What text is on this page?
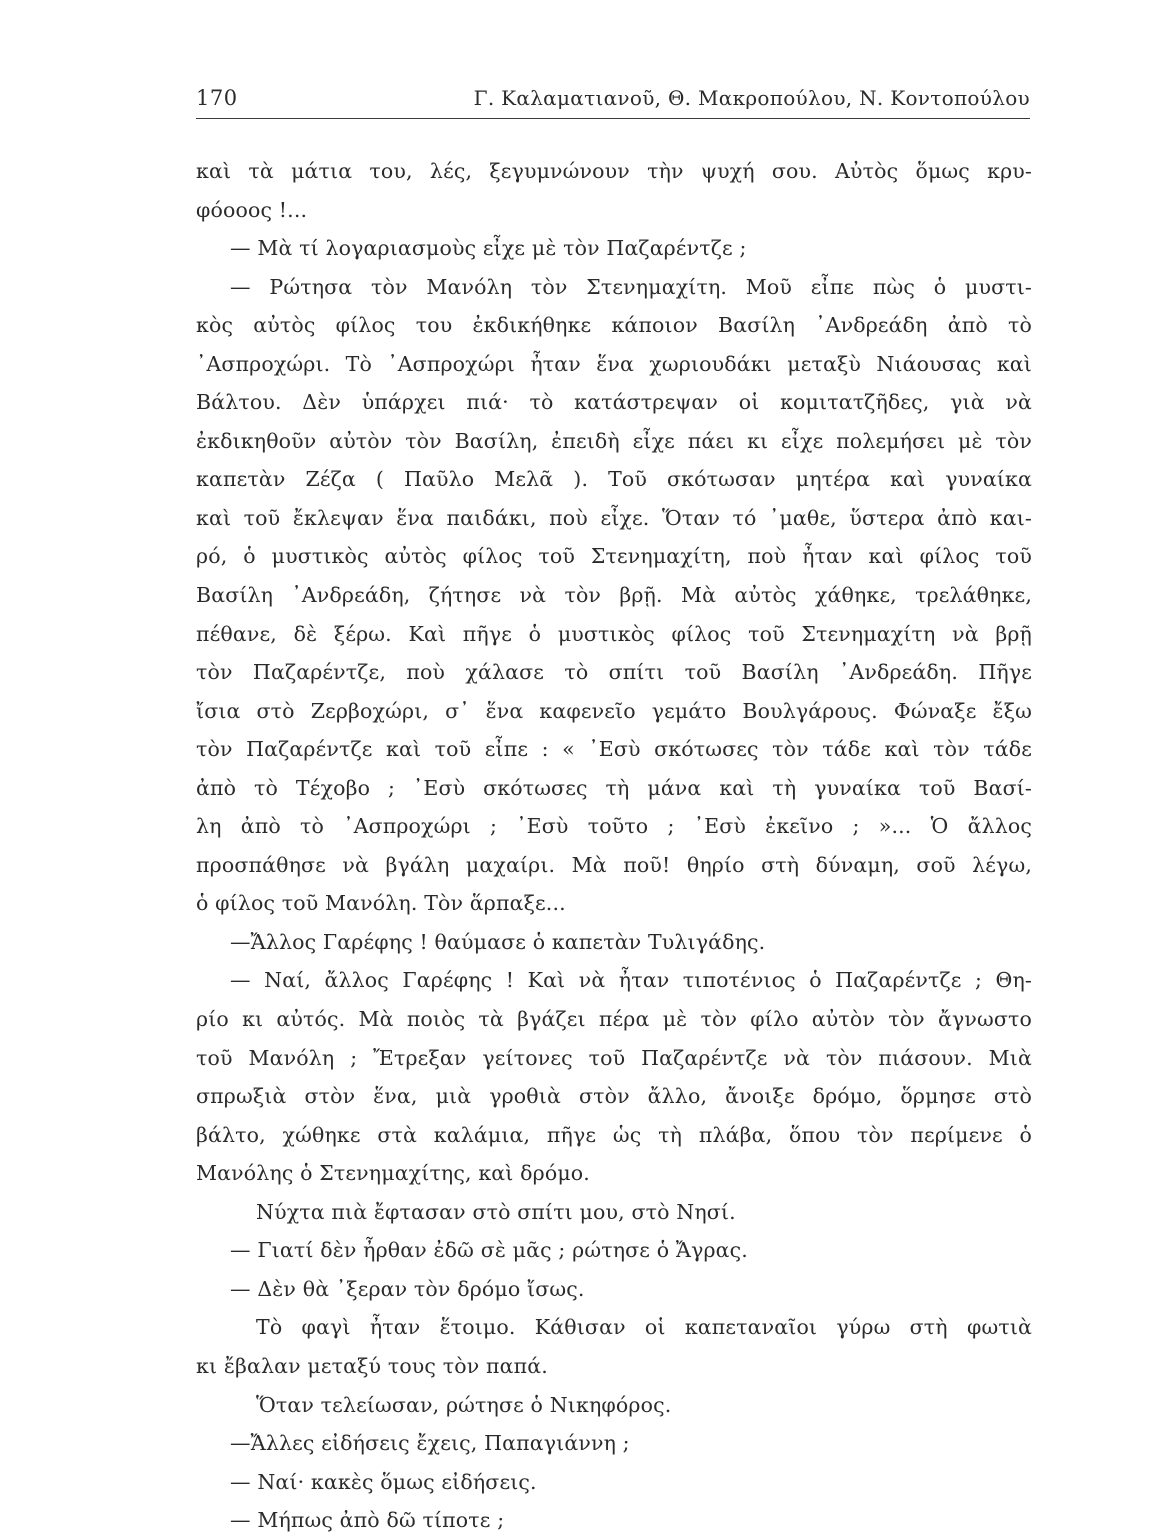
170	Γ. Καλαματιανοῦ, Θ. Μακροπούλου, Ν. Κοντοπούλου
καὶ τὰ μάτια του, λές, ξεγυμνώνουν τὴν ψυχή σου. Αὐτὸς ὅμως κρυ-
φόοοος !...
— Μὰ τί λογαριασμοὺς εἶχε μὲ τὸν Παζαρέντζε ;
— Ρώτησα τὸν Μανόλη τὸν Στενημαχίτη. Μοῦ εἶπε πὼς ὁ μυστι-
κὸς αὐτὸς φίλος του ἐκδικήθηκε κάποιον Βασίλη ᾿Ανδρεάδη ἀπὸ τὸ
᾿Ασπροχώρι. Τὸ ᾿Ασπροχώρι ἦταν ἕνα χωριουδάκι μεταξὺ Νιάουσας καὶ
Βάλτου. Δὲν ὑπάρχει πιά· τὸ κατάστρεψαν οἱ κομιτατζῆδες, γιὰ νὰ
ἐκδικηθοῦν αὐτὸν τὸν Βασίλη, ἐπειδὴ εἶχε πάει κι εἶχε πολεμήσει μὲ τὸν
καπετὰν Ζέζα ( Παῦλο Μελᾶ ). Τοῦ σκότωσαν μητέρα καὶ γυναίκα
καὶ τοῦ ἔκλεψαν ἕνα παιδάκι, ποὺ εἶχε. Ὅταν τό ᾿μαθε, ὕστερα ἀπὸ και-
ρό, ὁ μυστικὸς αὐτὸς φίλος τοῦ Στενημαχίτη, ποὺ ἦταν καὶ φίλος τοῦ
Βασίλη ᾿Ανδρεάδη, ζήτησε νὰ τὸν βρῇ. Μὰ αὐτὸς χάθηκε, τρελάθηκε,
πέθανε, δὲ ξέρω. Καὶ πῆγε ὁ μυστικὸς φίλος τοῦ Στενημαχίτη νὰ βρῇ
τὸν Παζαρέντζε, ποὺ χάλασε τὸ σπίτι τοῦ Βασίλη ᾿Ανδρεάδη. Πῆγε
ἴσια στὸ Ζερβοχώρι, σ᾿ ἕνα καφενεῖο γεμάτο Βουλγάρους. Φώναξε ἔξω
τὸν Παζαρέντζε καὶ τοῦ εἶπε : « ᾿Εσὺ σκότωσες τὸν τάδε καὶ τὸν τάδε
ἀπὸ τὸ Τέχοβο ; ᾿Εσὺ σκότωσες τὴ μάνα καὶ τὴ γυναίκα τοῦ Βασί-
λη ἀπὸ τὸ ᾿Ασπροχώρι ; ᾿Εσὺ τοῦτο ; ᾿Εσὺ ἐκεῖνο ; »... Ὁ ἄλλος
προσπάθησε νὰ βγάλη μαχαίρι. Μὰ ποῦ! θηρίο στὴ δύναμη, σοῦ λέγω,
ὁ φίλος τοῦ Μανόλη. Τὸν ἅρπαξε...
—Ἄλλος Γαρέφης ! θαύμασε ὁ καπετὰν Τυλιγάδης.
— Ναί, ἄλλος Γαρέφης ! Καὶ νὰ ἦταν τιποτένιος ὁ Παζαρέντζε ; Θη-
ρίο κι αὐτός. Μὰ ποιὸς τὰ βγάζει πέρα μὲ τὸν φίλο αὐτὸν τὸν ἄγνωστο
τοῦ Μανόλη ; Ἔτρεξαν γείτονες τοῦ Παζαρέντζε νὰ τὸν πιάσουν. Μιὰ
σπρωξιὰ στὸν ἕνα, μιὰ γροθιὰ στὸν ἄλλο, ἄνοιξε δρόμο, ὅρμησε στὸ
βάλτο, χώθηκε στὰ καλάμια, πῆγε ὡς τὴ πλάβα, ὅπου τὸν περίμενε ὁ
Μανόλης ὁ Στενημαχίτης, καὶ δρόμο.
Νύχτα πιὰ ἔφτασαν στὸ σπίτι μου, στὸ Νησί.
— Γιατί δὲν ἦρθαν ἐδῶ σὲ μᾶς ; ρώτησε ὁ Ἄγρας.
— Δὲν θὰ ᾿ξεραν τὸν δρόμο ἴσως.
Τὸ φαγὶ ἦταν ἕτοιμο. Κάθισαν οἱ καπεταναῖοι γύρω στὴ φωτιὰ
κι ἔβαλαν μεταξύ τους τὸν παπά.
Ὅταν τελείωσαν, ρώτησε ὁ Νικηφόρος.
—Ἄλλες εἰδήσεις ἔχεις, Παπαγιάννη ;
— Ναί· κακὲς ὅμως εἰδήσεις.
— Μήπως ἀπὸ δῶ τίποτε ;
